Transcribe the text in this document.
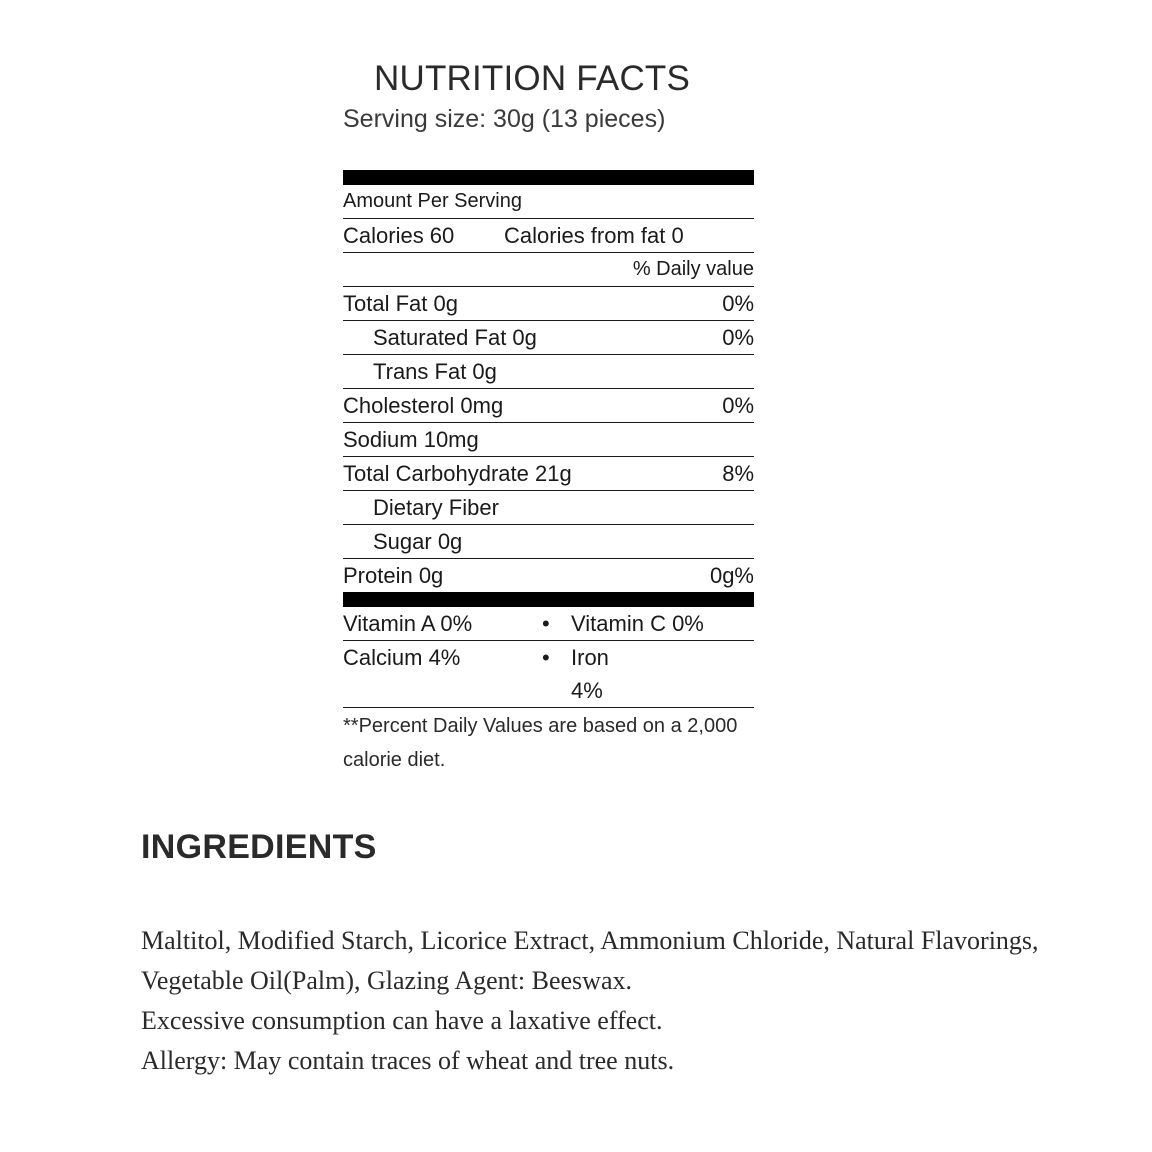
NUTRITION FACTS
Serving size: 30g (13 pieces)
Amount Per Serving
Calories 60 Calories from fat 0
% Daily value
Total Fat 0g	0%
Saturated Fat 0g	0%
Trans Fat 0g
Cholesterol 0mg	0%
Sodium 10mg
Total Carbohydrate 21g	8%
Dietary Fiber
Sugar 0g
Protein 0g	0g%
Vitamin A 0%	• Vitamin C 0%
Calcium 4%	• Iron
4%
**Percent Daily Values are based on a 2,000 calorie diet.
INGREDIENTS
Maltitol, Modified Starch, Licorice Extract, Ammonium Chloride, Natural Flavorings,
Vegetable Oil(Palm), Glazing Agent: Beeswax.
Excessive consumption can have a laxative effect.
Allergy: May contain traces of wheat and tree nuts.
